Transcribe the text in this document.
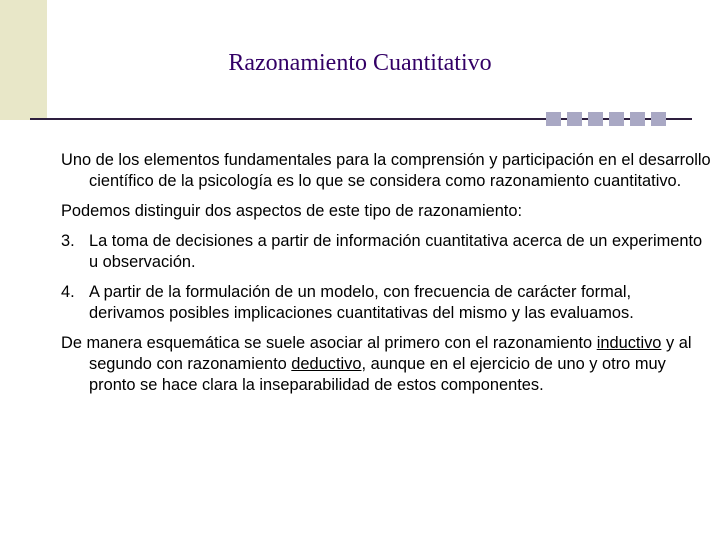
Razonamiento Cuantitativo

Uno de los elementos fundamentales para la comprensión y participación en el desarrollo científico de la psicología es lo que se considera como razonamiento cuantitativo.

Podemos distinguir dos aspectos de este tipo de razonamiento:

3. La toma de decisiones a partir de información cuantitativa acerca de un experimento u observación.
4. A partir de la formulación de un modelo, con frecuencia de carácter formal, derivamos posibles implicaciones cuantitativas del mismo y las evaluamos.

De manera esquemática se suele asociar al primero con el razonamiento inductivo y al segundo con razonamiento deductivo, aunque en el ejercicio de uno y otro muy pronto se hace clara la inseparabilidad de estos componentes.
